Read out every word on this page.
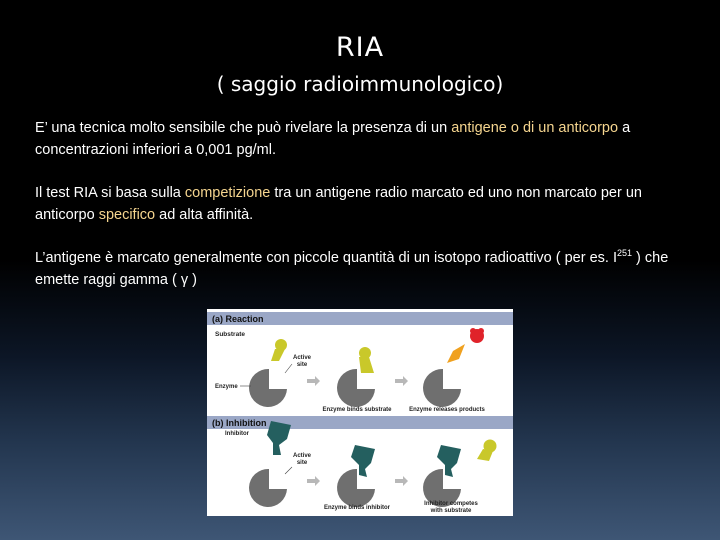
RIA
( saggio radioimmunologico)
E’ una tecnica molto sensibile che può rivelare la presenza di un antigene o di un anticorpo a concentrazioni inferiori a 0,001 pg/ml.
Il test RIA si basa sulla competizione tra un antigene radio marcato ed uno non marcato per un anticorpo specifico ad alta affinità.
L’antigene è marcato generalmente con piccole quantità di un isotopo radioattivo ( per es. $I^{251}$ ) che emette raggi gamma ( γ )
(a) Reaction
Substrate
Active site
Enzyme
Enzyme binds substrate	Enzyme releases products
(b) Inhibition
Inhibitor
Active site
Enzyme binds inhibitor
Inhibitor competes with substrate
